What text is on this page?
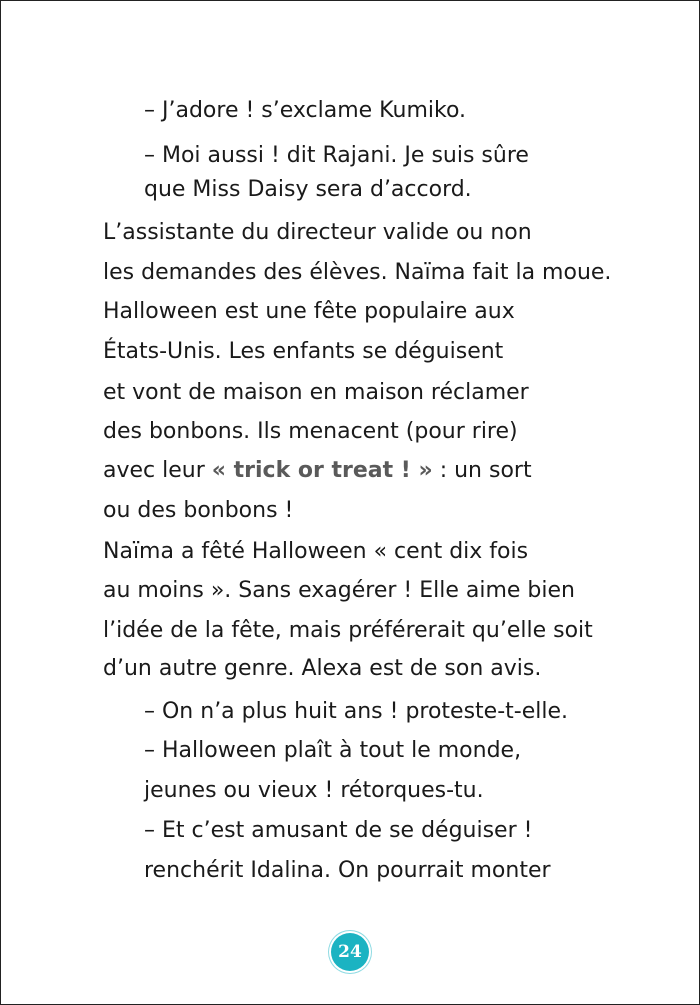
– J’adore ! s’exclame Kumiko.
– Moi aussi ! dit Rajani. Je suis sûre
que Miss Daisy sera d’accord.
L’assistante du directeur valide ou non
les demandes des élèves. Naïma fait la moue.
Halloween est une fête populaire aux
États-Unis. Les enfants se déguisent
et vont de maison en maison réclamer
des bonbons. Ils menacent (pour rire)
avec leur « trick or treat ! » : un sort
ou des bonbons !
Naïma a fêté Halloween « cent dix fois
au moins ». Sans exagérer ! Elle aime bien
l’idée de la fête, mais préférerait qu’elle soit
d’un autre genre. Alexa est de son avis.
– On n’a plus huit ans ! proteste-t-elle.
– Halloween plaît à tout le monde,
jeunes ou vieux ! rétorques-tu.
– Et c’est amusant de se déguiser !
renchérit Idalina. On pourrait monter
24
